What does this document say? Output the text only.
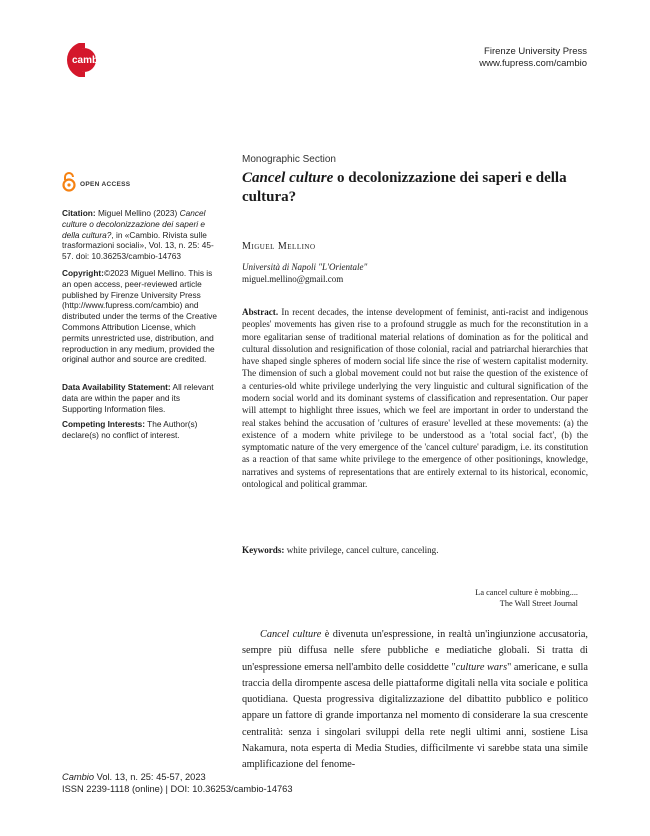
cambio
Firenze University Press
www.fupress.com/cambio
OPEN ACCESS

Citation: Miguel Mellino (2023) Cancel culture o decolonizzazione dei saperi e della cultura?, in «Cambio. Rivista sulle trasformazioni sociali», Vol. 13, n. 25: 45-57. doi: 10.36253/cambio-14763

Copyright:©2023 Miguel Mellino. This is an open access, peer-reviewed article published by Firenze University Press (http://www.fupress.com/cambio) and distributed under the terms of the Creative Commons Attribution License, which permits unrestricted use, distribution, and reproduction in any medium, provided the original author and source are credited.

Data Availability Statement: All relevant data are within the paper and its Supporting Information files.

Competing Interests: The Author(s) declare(s) no conflict of interest.

Monographic Section
Cancel culture o decolonizzazione dei saperi e della cultura?
Miguel Mellino
Università di Napoli "L'Orientale"
miguel.mellino@gmail.com

Abstract. In recent decades, the intense development of feminist, anti-racist and indigenous peoples' movements has given rise to a profound struggle as much for the reconstitution in a more egalitarian sense of traditional material relations of domination as for the political and cultural dissolution and resignification of those colonial, racial and patriarchal hierarchies that have shaped single spheres of modern social life since the rise of western capitalist modernity. The dimension of such a global movement could not but raise the question of the existence of a centuries-old white privilege underlying the very linguistic and cultural signification of the modern social world and its dominant systems of classification and representation. Our paper will attempt to highlight three issues, which we feel are important in order to understand the real stakes behind the accusation of 'cultures of erasure' levelled at these movements: (a) the existence of a modern white privilege to be understood as a 'total social fact', (b) the symptomatic nature of the very emergence of the 'cancel culture' paradigm, i.e. its constitution as a reaction of that same white privilege to the emergence of other positionings, knowledge, narratives and systems of representations that are entirely external to its historical, economic, ontological and political grammar.

Keywords: white privilege, cancel culture, canceling.
La cancel culture è mobbing....
The Wall Street Journal

Cancel culture è divenuta un'espressione, in realtà un'ingiunzione accusatoria, sempre più diffusa nelle sfere pubbliche e mediatiche globali. Si tratta di un'espressione emersa nell'ambito delle cosiddette "culture wars" americane, e sulla traccia della dirompente ascesa delle piattaforme digitali nella vita sociale e politica quotidiana. Questa progressiva digitalizzazione del dibattito pubblico e politico appare un fattore di grande importanza nel momento di considerare la sua crescente centralità: senza i singolari sviluppi della rete negli ultimi anni, sostiene Lisa Nakamura, nota esperta di Media Studies, difficilmente vi sarebbe stata una simile amplificazione del fenome-

Cambio Vol. 13, n. 25: 45-57, 2023
ISSN 2239-1118 (online) | DOI: 10.36253/cambio-14763
